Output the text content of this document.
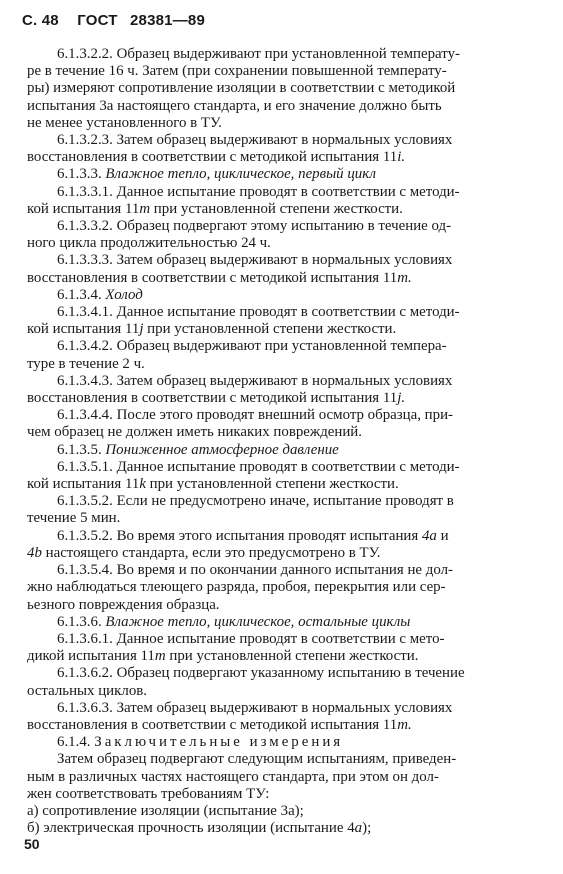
С. 48 ГОСТ 28381—89
6.1.3.2.2. Образец выдерживают при установленной температу-
ре в течение 16 ч. Затем (при сохранении повышенной температу-
ры) измеряют сопротивление изоляции в соответствии с методикой
испытания 3а настоящего стандарта, и его значение должно быть
не менее установленного в ТУ.
6.1.3.2.3. Затем образец выдерживают в нормальных условиях
восстановления в соответствии с методикой испытания 11i.
6.1.3.3. Влажное тепло, циклическое, первый цикл
6.1.3.3.1. Данное испытание проводят в соответствии с методи-
кой испытания 11m при установленной степени жесткости.
6.1.3.3.2. Образец подвергают этому испытанию в течение од-
ного цикла продолжительностью 24 ч.
6.1.3.3.3. Затем образец выдерживают в нормальных условиях
восстановления в соответствии с методикой испытания 11m.
6.1.3.4. Холод
6.1.3.4.1. Данное испытание проводят в соответствии с методи-
кой испытания 11j при установленной степени жесткости.
6.1.3.4.2. Образец выдерживают при установленной темпера-
туре в течение 2 ч.
6.1.3.4.3. Затем образец выдерживают в нормальных условиях
восстановления в соответствии с методикой испытания 11j.
6.1.3.4.4. После этого проводят внешний осмотр образца, при-
чем образец не должен иметь никаких повреждений.
6.1.3.5. Пониженное атмосферное давление
6.1.3.5.1. Данное испытание проводят в соответствии с методи-
кой испытания 11k при установленной степени жесткости.
6.1.3.5.2. Если не предусмотрено иначе, испытание проводят в
течение 5 мин.
6.1.3.5.2. Во время этого испытания проводят испытания 4a и
4b настоящего стандарта, если это предусмотрено в ТУ.
6.1.3.5.4. Во время и по окончании данного испытания не дол-
жно наблюдаться тлеющего разряда, пробоя, перекрытия или сер-
ьезного повреждения образца.
6.1.3.6. Влажное тепло, циклическое, остальные циклы
6.1.3.6.1. Данное испытание проводят в соответствии с мето-
дикой испытания 11m при установленной степени жесткости.
6.1.3.6.2. Образец подвергают указанному испытанию в течение
остальных циклов.
6.1.3.6.3. Затем образец выдерживают в нормальных условиях
восстановления в соответствии с методикой испытания 11m.
6.1.4. Заключительные измерения
Затем образец подвергают следующим испытаниям, приведен-
ным в различных частях настоящего стандарта, при этом он дол-
жен соответствовать требованиям ТУ:
а) сопротивление изоляции (испытание 3а);
б) электрическая прочность изоляции (испытание 4a);
50
